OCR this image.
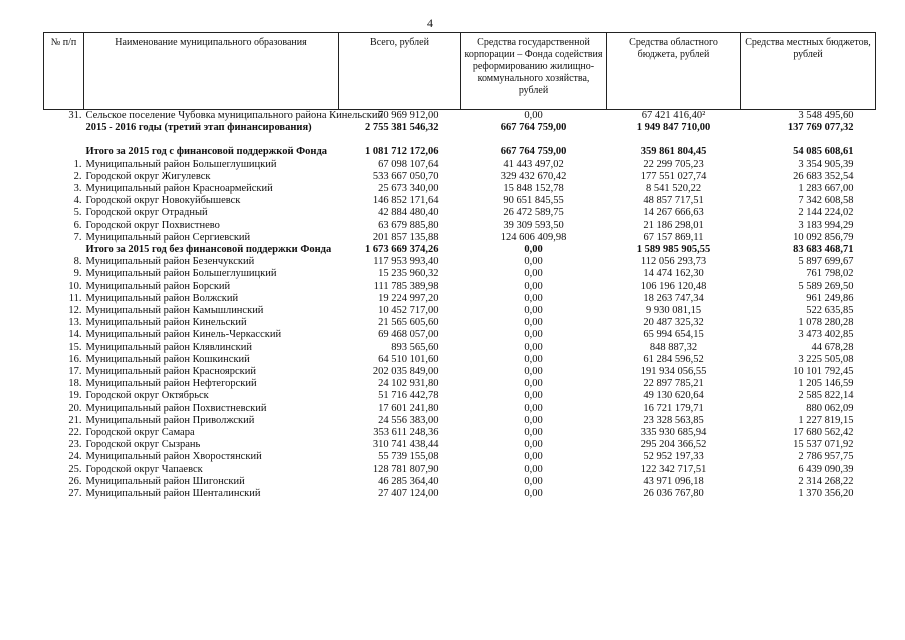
4
№ п/п	Наименование муниципального образования	Всего, рублей	Средства государственной корпорации – Фонда содействия реформированию жилищно-коммунального хозяйства, рублей	Средства областного бюджета, рублей	Средства местных бюджетов, рублей
31.	Сельское поселение Чубовка муниципального района Кинельский	70 969 912,00	0,00	67 421 416,40²	3 548 495,60
	2015 - 2016 годы (третий этап финансирования)	2 755 381 546,32	667 764 759,00	1 949 847 710,00	137 769 077,32
	Итого за 2015 год с финансовой поддержкой Фонда	1 081 712 172,06	667 764 759,00	359 861 804,45	54 085 608,61
1.	Муниципальный район Большеглушицкий	67 098 107,64	41 443 497,02	22 299 705,23	3 354 905,39
2.	Городской округ Жигулевск	533 667 050,70	329 432 670,42	177 551 027,74	26 683 352,54
3.	Муниципальный район Красноармейский	25 673 340,00	15 848 152,78	8 541 520,22	1 283 667,00
4.	Городской округ Новокуйбышевск	146 852 171,64	90 651 845,55	48 857 717,51	7 342 608,58
5.	Городской округ Отрадный	42 884 480,40	26 472 589,75	14 267 666,63	2 144 224,02
6.	Городской округ Похвистнево	63 679 885,80	39 309 593,50	21 186 298,01	3 183 994,29
7.	Муниципальный район Сергиевский	201 857 135,88	124 606 409,98	67 157 869,11	10 092 856,79
	Итого за 2015 год без финансовой поддержки Фонда	1 673 669 374,26	0,00	1 589 985 905,55	83 683 468,71
8.	Муниципальный район Безенчукский	117 953 993,40	0,00	112 056 293,73	5 897 699,67
9.	Муниципальный район Большеглушицкий	15 235 960,32	0,00	14 474 162,30	761 798,02
10.	Муниципальный район Борский	111 785 389,98	0,00	106 196 120,48	5 589 269,50
11.	Муниципальный район Волжский	19 224 997,20	0,00	18 263 747,34	961 249,86
12.	Муниципальный район Камышлинский	10 452 717,00	0,00	9 930 081,15	522 635,85
13.	Муниципальный район Кинельский	21 565 605,60	0,00	20 487 325,32	1 078 280,28
14.	Муниципальный район Кинель-Черкасский	69 468 057,00	0,00	65 994 654,15	3 473 402,85
15.	Муниципальный район Клявлинский	893 565,60	0,00	848 887,32	44 678,28
16.	Муниципальный район Кошкинский	64 510 101,60	0,00	61 284 596,52	3 225 505,08
17.	Муниципальный район Красноярский	202 035 849,00	0,00	191 934 056,55	10 101 792,45
18.	Муниципальный район Нефтегорский	24 102 931,80	0,00	22 897 785,21	1 205 146,59
19.	Городской округ Октябрьск	51 716 442,78	0,00	49 130 620,64	2 585 822,14
20.	Муниципальный район Похвистневский	17 601 241,80	0,00	16 721 179,71	880 062,09
21.	Муниципальный район Приволжский	24 556 383,00	0,00	23 328 563,85	1 227 819,15
22.	Городской округ Самара	353 611 248,36	0,00	335 930 685,94	17 680 562,42
23.	Городской округ Сызрань	310 741 438,44	0,00	295 204 366,52	15 537 071,92
24.	Муниципальный район Хворостянский	55 739 155,08	0,00	52 952 197,33	2 786 957,75
25.	Городской округ Чапаевск	128 781 807,90	0,00	122 342 717,51	6 439 090,39
26.	Муниципальный район Шигонский	46 285 364,40	0,00	43 971 096,18	2 314 268,22
27.	Муниципальный район Шенталинский	27 407 124,00	0,00	26 036 767,80	1 370 356,20
